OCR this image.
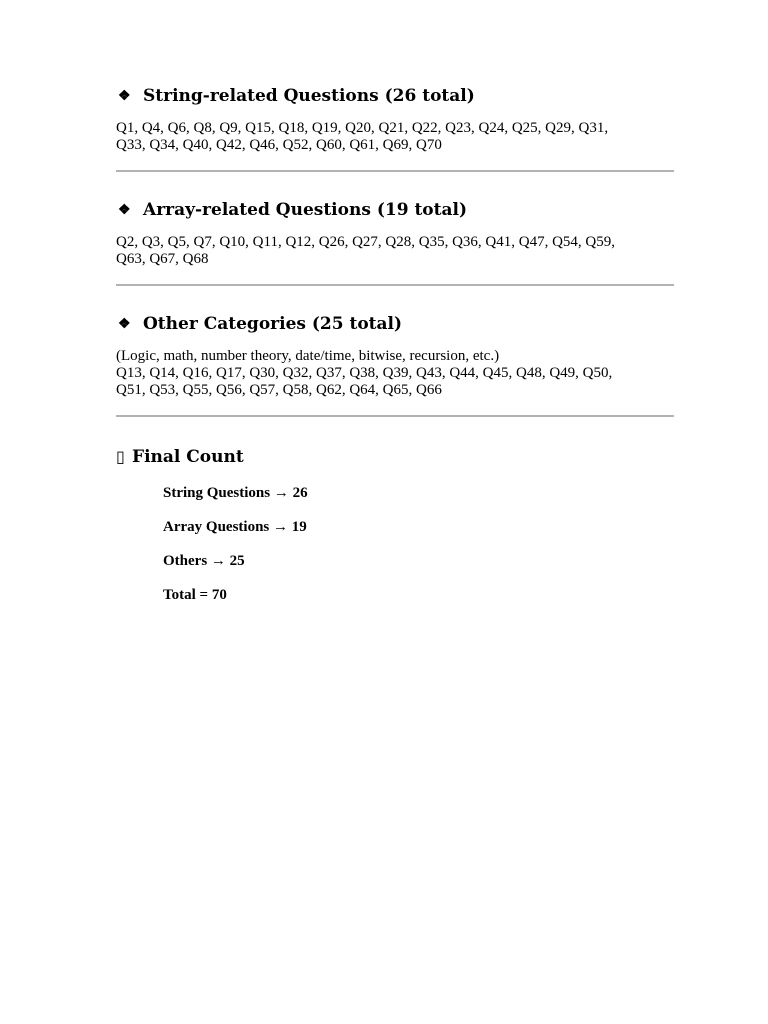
❖ String-related Questions (26 total)

Q1, Q4, Q6, Q8, Q9, Q15, Q18, Q19, Q20, Q21, Q22, Q23, Q24, Q25, Q29, Q31,

Q33, Q34, Q40, Q42, Q46, Q52, Q60, Q61, Q69, Q70

❖ Array-related Questions (19 total)

Q2, Q3, Q5, Q7, Q10, Q11, Q12, Q26, Q27, Q28, Q35, Q36, Q41, Q47, Q54, Q59,

Q63, Q67, Q68

❖ Other Categories (25 total)

(Logic, math, number theory, date/time, bitwise, recursion, etc.)

Q13, Q14, Q16, Q17, Q30, Q32, Q37, Q38, Q39, Q43, Q44, Q45, Q48, Q49, Q50,

Q51, Q53, Q55, Q56, Q57, Q58, Q62, Q64, Q65, Q66

▯ Final Count
String Questions → 26
Array Questions → 19
Others → 25
Total = 70
